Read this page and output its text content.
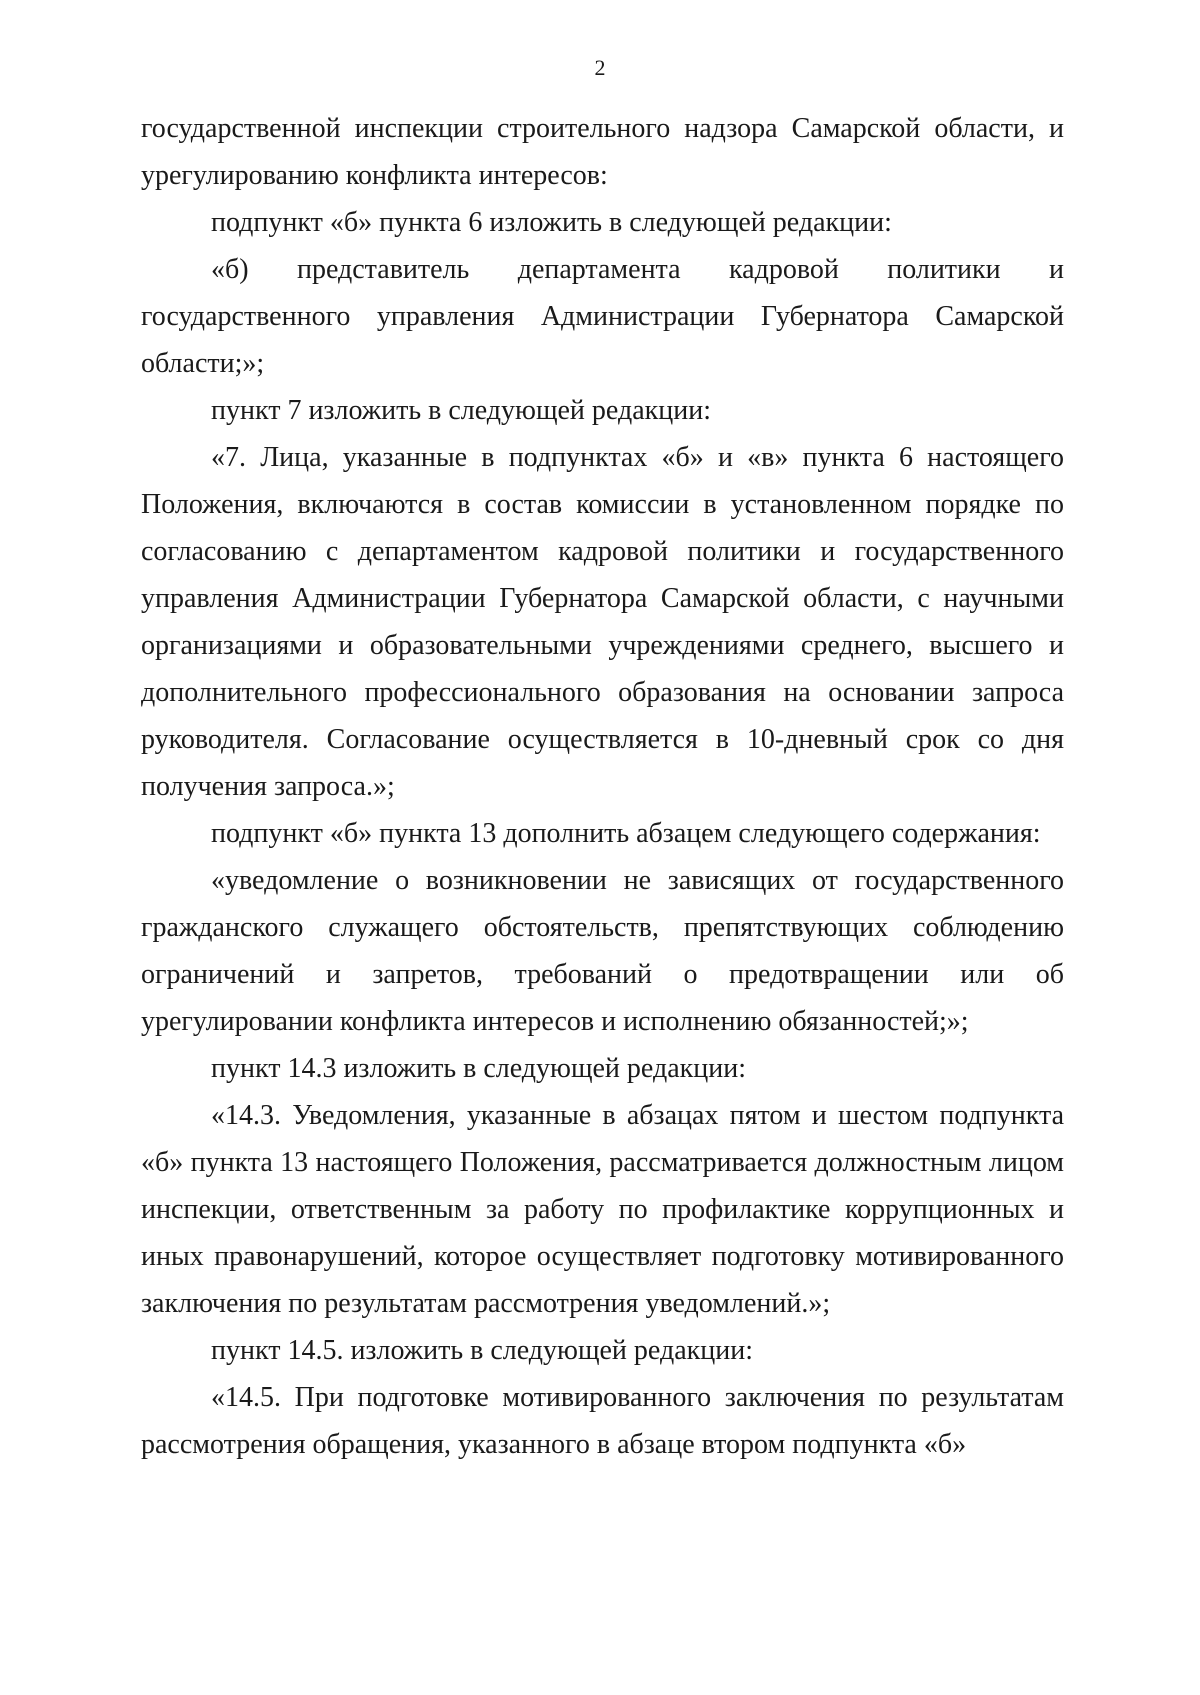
2

государственной инспекции строительного надзора Самарской области, и урегулированию конфликта интересов:

подпункт «б» пункта 6 изложить в следующей редакции:

«б) представитель департамента кадровой политики и государственного управления Администрации Губернатора Самарской области;»;

пункт 7 изложить в следующей редакции:

«7. Лица, указанные в подпунктах «б» и «в» пункта 6 настоящего Положения, включаются в состав комиссии в установленном порядке по согласованию с департаментом кадровой политики и государственного управления Администрации Губернатора Самарской области, с научными организациями и образовательными учреждениями среднего, высшего и дополнительного профессионального образования на основании запроса руководителя. Согласование осуществляется в 10-дневный срок со дня получения запроса.»;

подпункт «б» пункта 13 дополнить абзацем следующего содержания:

«уведомление о возникновении не зависящих от государственного гражданского служащего обстоятельств, препятствующих соблюдению ограничений и запретов, требований о предотвращении или об урегулировании конфликта интересов и исполнению обязанностей;»;

пункт 14.3 изложить в следующей редакции:

«14.3. Уведомления, указанные в абзацах пятом и шестом подпункта «б» пункта 13 настоящего Положения, рассматривается должностным лицом инспекции, ответственным за работу по профилактике коррупционных и иных правонарушений, которое осуществляет подготовку мотивированного заключения по результатам рассмотрения уведомлений.»;

пункт 14.5. изложить в следующей редакции:

«14.5. При подготовке мотивированного заключения по результатам рассмотрения обращения, указанного в абзаце втором подпункта «б»
